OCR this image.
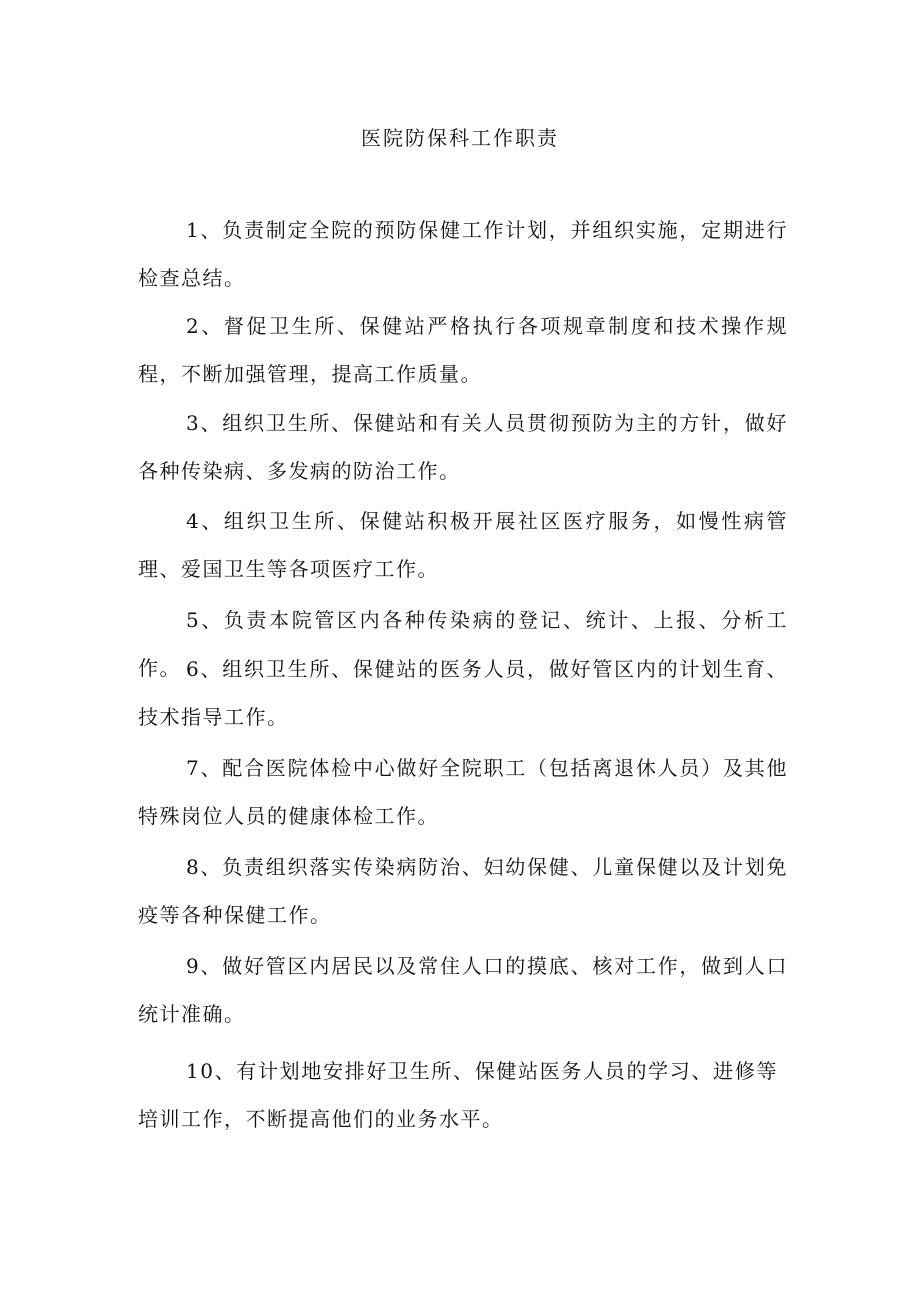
医院防保科工作职责
1、负责制定全院的预防保健工作计划，并组织实施，定期进行检查总结。
2、督促卫生所、保健站严格执行各项规章制度和技术操作规程，不断加强管理，提高工作质量。
3、组织卫生所、保健站和有关人员贯彻预防为主的方针，做好各种传染病、多发病的防治工作。
4、组织卫生所、保健站积极开展社区医疗服务，如慢性病管理、爱国卫生等各项医疗工作。
5、负责本院管区内各种传染病的登记、统计、上报、分析工作。 6、组织卫生所、保健站的医务人员，做好管区内的计划生育、技术指导工作。
7、配合医院体检中心做好全院职工（包括离退休人员）及其他特殊岗位人员的健康体检工作。
8、负责组织落实传染病防治、妇幼保健、儿童保健以及计划免疫等各种保健工作。
9、做好管区内居民以及常住人口的摸底、核对工作，做到人口统计准确。
10、有计划地安排好卫生所、保健站医务人员的学习、进修等培训工作，不断提高他们的业务水平。
